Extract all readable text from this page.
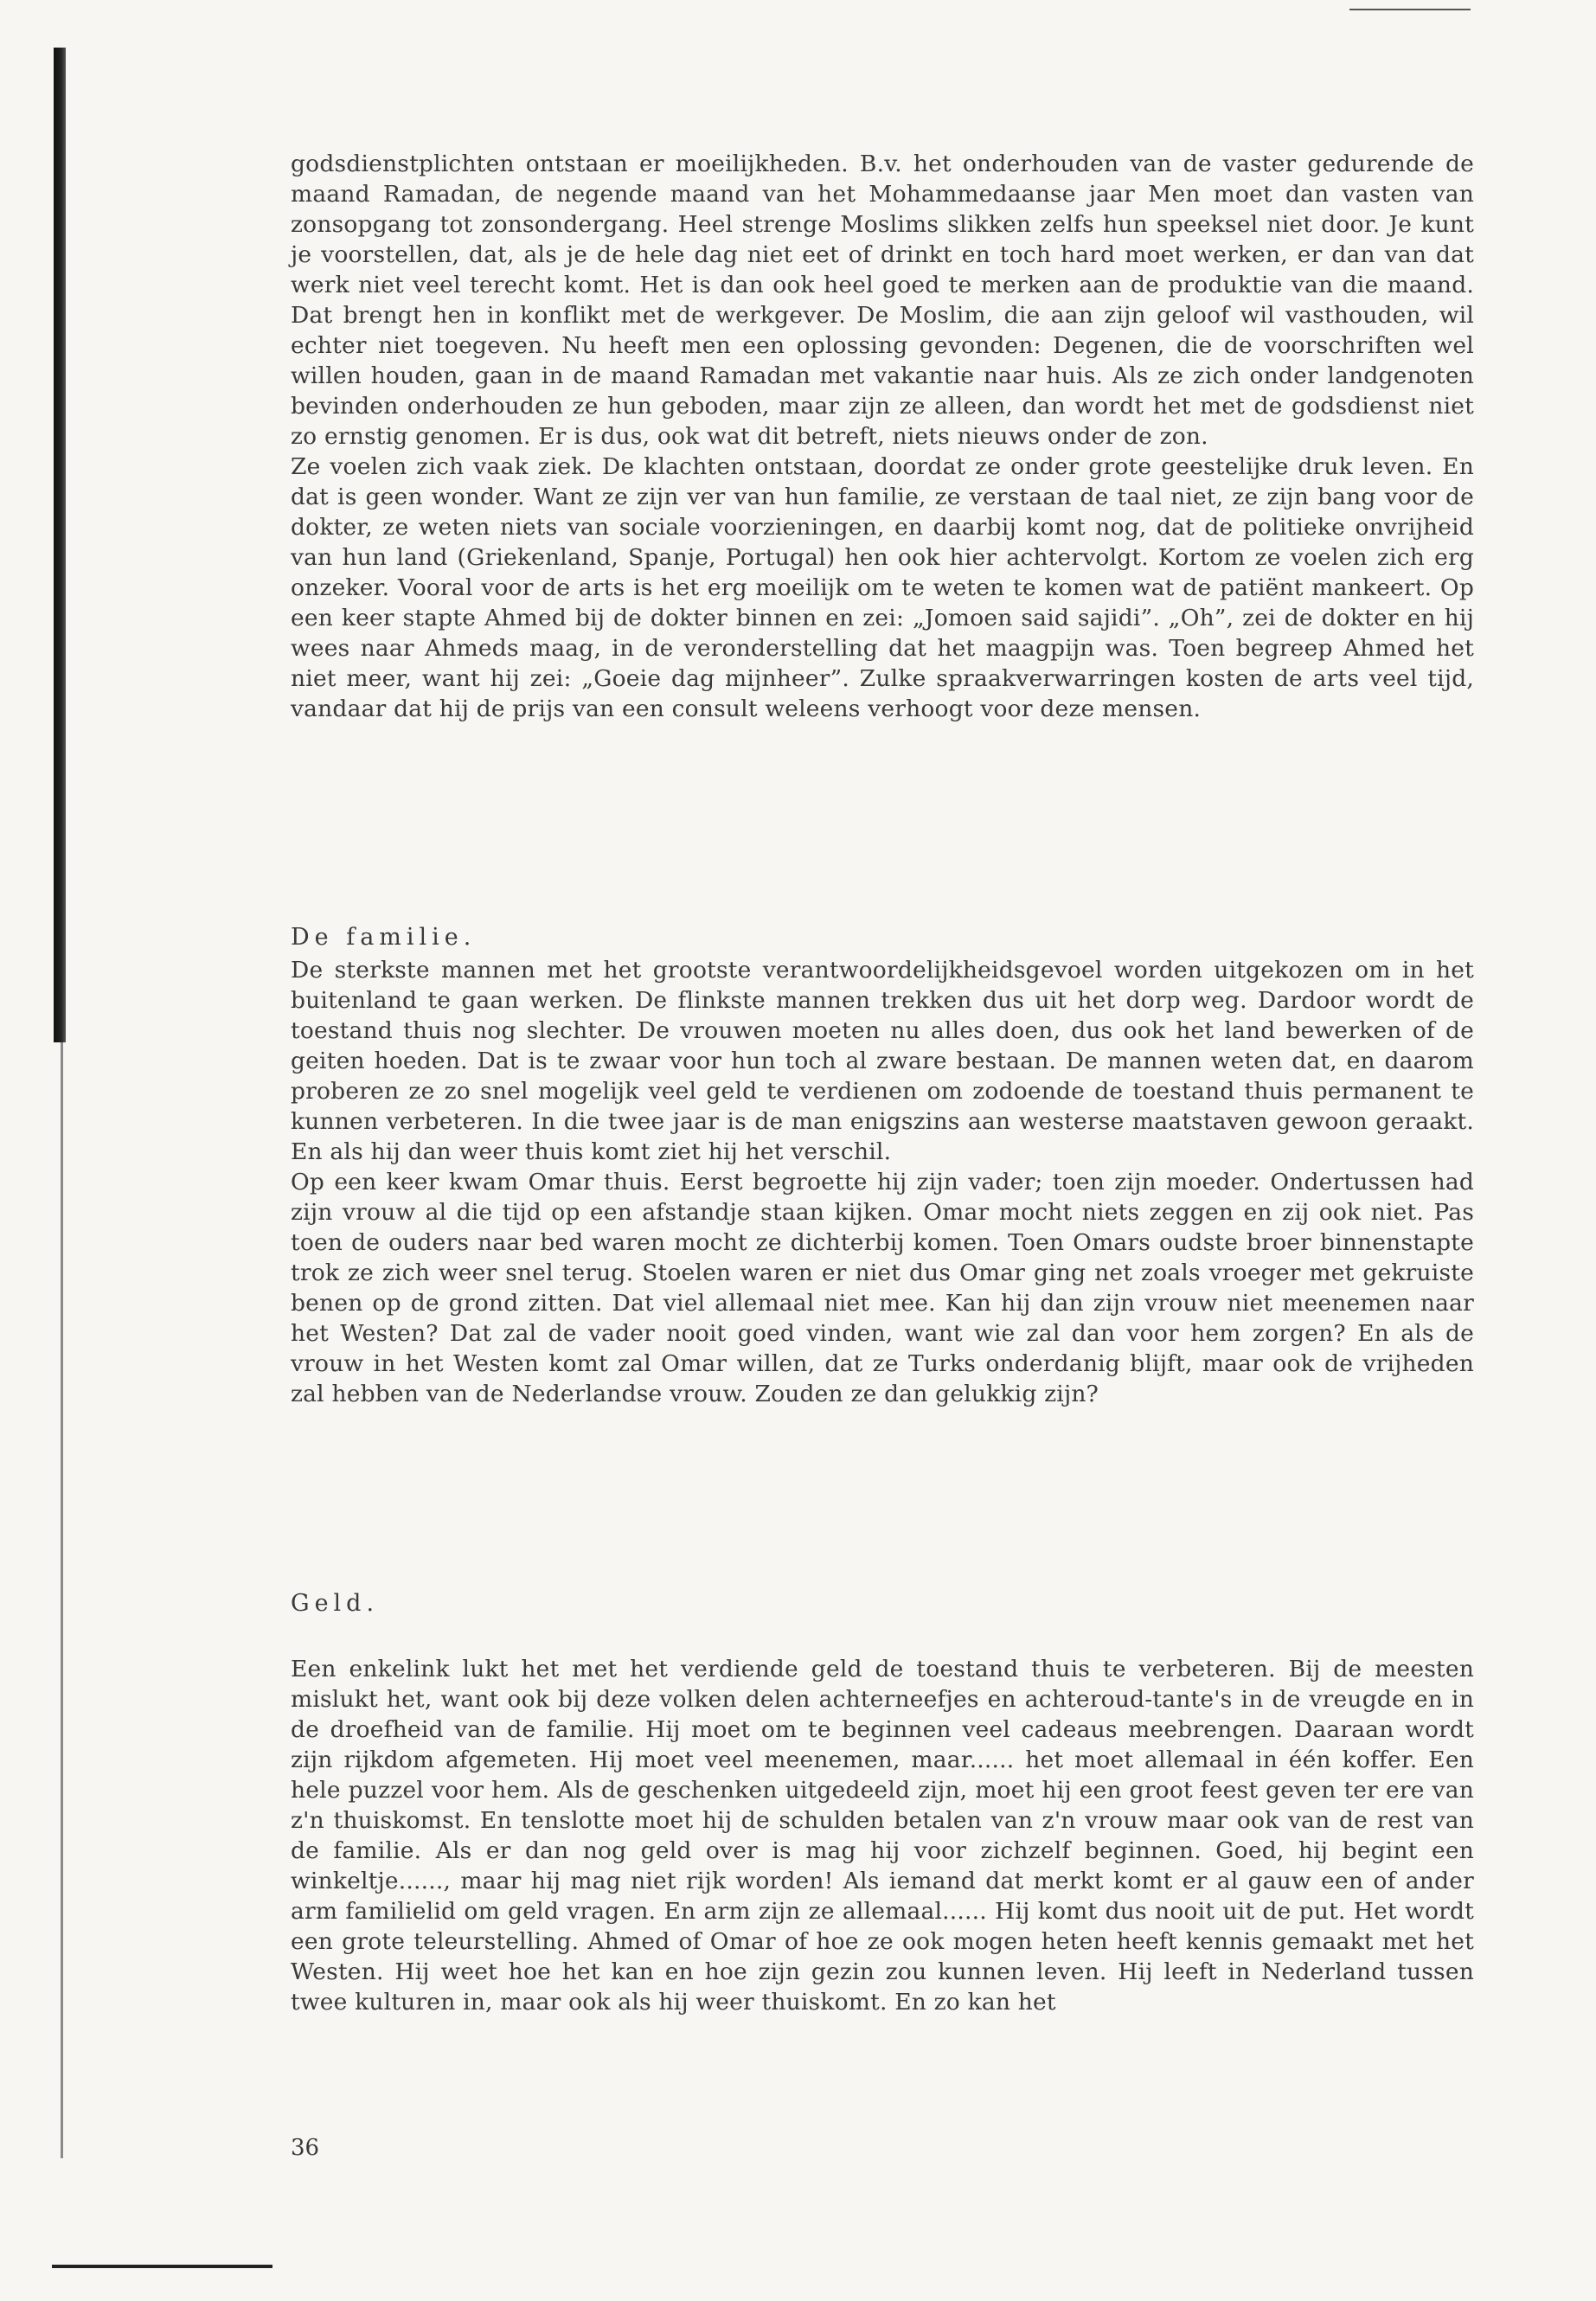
godsdienstplichten ontstaan er moeilijkheden. B.v. het onderhouden van de vaster gedurende de maand Ramadan, de negende maand van het Mohammedaanse jaar Men moet dan vasten van zonsopgang tot zonsondergang. Heel strenge Moslims slikken zelfs hun speeksel niet door. Je kunt je voorstellen, dat, als je de hele dag niet eet of drinkt en toch hard moet werken, er dan van dat werk niet veel terecht komt. Het is dan ook heel goed te merken aan de produktie van die maand. Dat brengt hen in konflikt met de werkgever. De Moslim, die aan zijn geloof wil vasthouden, wil echter niet toegeven. Nu heeft men een oplossing gevonden: Degenen, die de voorschriften wel willen houden, gaan in de maand Ramadan met vakantie naar huis. Als ze zich onder landgenoten bevinden onderhouden ze hun geboden, maar zijn ze alleen, dan wordt het met de godsdienst niet zo ernstig genomen. Er is dus, ook wat dit betreft, niets nieuws onder de zon.

Ze voelen zich vaak ziek. De klachten ontstaan, doordat ze onder grote geestelijke druk leven. En dat is geen wonder. Want ze zijn ver van hun familie, ze verstaan de taal niet, ze zijn bang voor de dokter, ze weten niets van sociale voorzieningen, en daarbij komt nog, dat de politieke onvrijheid van hun land (Griekenland, Spanje, Portugal) hen ook hier achtervolgt. Kortom ze voelen zich erg onzeker. Vooral voor de arts is het erg moeilijk om te weten te komen wat de patiënt mankeert. Op een keer stapte Ahmed bij de dokter binnen en zei: „Jomoen said sajidi”. „Oh”, zei de dokter en hij wees naar Ahmeds maag, in de veronderstelling dat het maagpijn was. Toen begreep Ahmed het niet meer, want hij zei: „Goeie dag mijnheer”. Zulke spraakverwarringen kosten de arts veel tijd, vandaar dat hij de prijs van een consult weleens verhoogt voor deze mensen.

De familie.

De sterkste mannen met het grootste verantwoordelijkheidsgevoel worden uitgekozen om in het buitenland te gaan werken. De flinkste mannen trekken dus uit het dorp weg. Dardoor wordt de toestand thuis nog slechter. De vrouwen moeten nu alles doen, dus ook het land bewerken of de geiten hoeden. Dat is te zwaar voor hun toch al zware bestaan. De mannen weten dat, en daarom proberen ze zo snel mogelijk veel geld te verdienen om zodoende de toestand thuis permanent te kunnen verbeteren. In die twee jaar is de man enigszins aan westerse maatstaven gewoon geraakt. En als hij dan weer thuis komt ziet hij het verschil.

Op een keer kwam Omar thuis. Eerst begroette hij zijn vader; toen zijn moeder. Ondertussen had zijn vrouw al die tijd op een afstandje staan kijken. Omar mocht niets zeggen en zij ook niet. Pas toen de ouders naar bed waren mocht ze dichterbij komen. Toen Omars oudste broer binnenstapte trok ze zich weer snel terug. Stoelen waren er niet dus Omar ging net zoals vroeger met gekruiste benen op de grond zitten. Dat viel allemaal niet mee. Kan hij dan zijn vrouw niet meenemen naar het Westen? Dat zal de vader nooit goed vinden, want wie zal dan voor hem zorgen? En als de vrouw in het Westen komt zal Omar willen, dat ze Turks onderdanig blijft, maar ook de vrijheden zal hebben van de Nederlandse vrouw. Zouden ze dan gelukkig zijn?

Geld.

Een enkelink lukt het met het verdiende geld de toestand thuis te verbeteren. Bij de meesten mislukt het, want ook bij deze volken delen achterneefjes en achteroud-tante's in de vreugde en in de droefheid van de familie. Hij moet om te beginnen veel cadeaus meebrengen. Daaraan wordt zijn rijkdom afgemeten. Hij moet veel meenemen, maar...... het moet allemaal in één koffer. Een hele puzzel voor hem. Als de geschenken uitgedeeld zijn, moet hij een groot feest geven ter ere van z'n thuiskomst. En tenslotte moet hij de schulden betalen van z'n vrouw maar ook van de rest van de familie. Als er dan nog geld over is mag hij voor zichzelf beginnen. Goed, hij begint een winkeltje......, maar hij mag niet rijk worden! Als iemand dat merkt komt er al gauw een of ander arm familielid om geld vragen. En arm zijn ze allemaal...... Hij komt dus nooit uit de put. Het wordt een grote teleurstelling. Ahmed of Omar of hoe ze ook mogen heten heeft kennis gemaakt met het Westen. Hij weet hoe het kan en hoe zijn gezin zou kunnen leven. Hij leeft in Nederland tussen twee kulturen in, maar ook als hij weer thuiskomt. En zo kan het

36
